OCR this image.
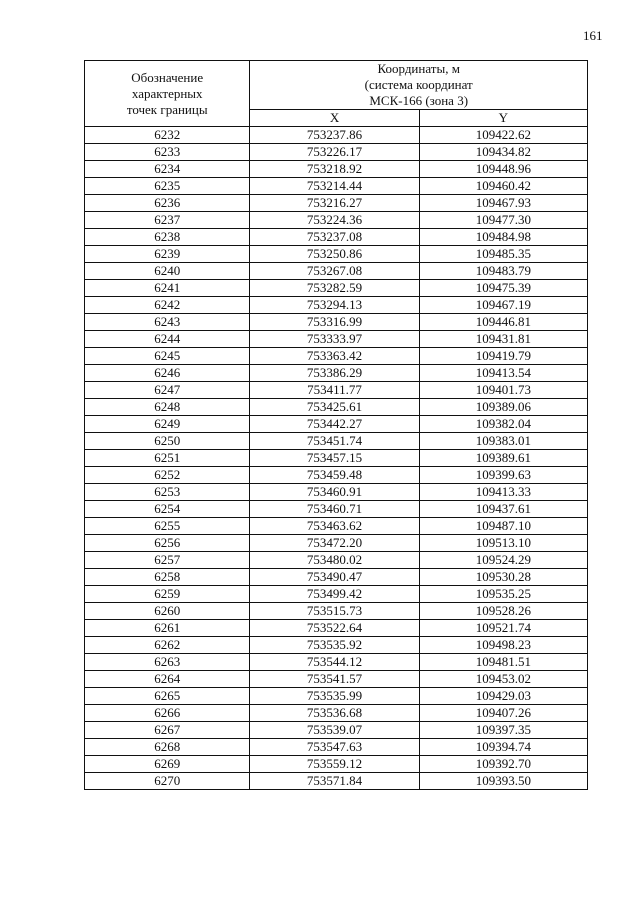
161
Обозначение
характерных
точек границы	Координаты, м
(система координат
МСК-166 (зона 3)	
	X	Y
6232	753237.86	109422.62
6233	753226.17	109434.82
6234	753218.92	109448.96
6235	753214.44	109460.42
6236	753216.27	109467.93
6237	753224.36	109477.30
6238	753237.08	109484.98
6239	753250.86	109485.35
6240	753267.08	109483.79
6241	753282.59	109475.39
6242	753294.13	109467.19
6243	753316.99	109446.81
6244	753333.97	109431.81
6245	753363.42	109419.79
6246	753386.29	109413.54
6247	753411.77	109401.73
6248	753425.61	109389.06
6249	753442.27	109382.04
6250	753451.74	109383.01
6251	753457.15	109389.61
6252	753459.48	109399.63
6253	753460.91	109413.33
6254	753460.71	109437.61
6255	753463.62	109487.10
6256	753472.20	109513.10
6257	753480.02	109524.29
6258	753490.47	109530.28
6259	753499.42	109535.25
6260	753515.73	109528.26
6261	753522.64	109521.74
6262	753535.92	109498.23
6263	753544.12	109481.51
6264	753541.57	109453.02
6265	753535.99	109429.03
6266	753536.68	109407.26
6267	753539.07	109397.35
6268	753547.63	109394.74
6269	753559.12	109392.70
6270	753571.84	109393.50
